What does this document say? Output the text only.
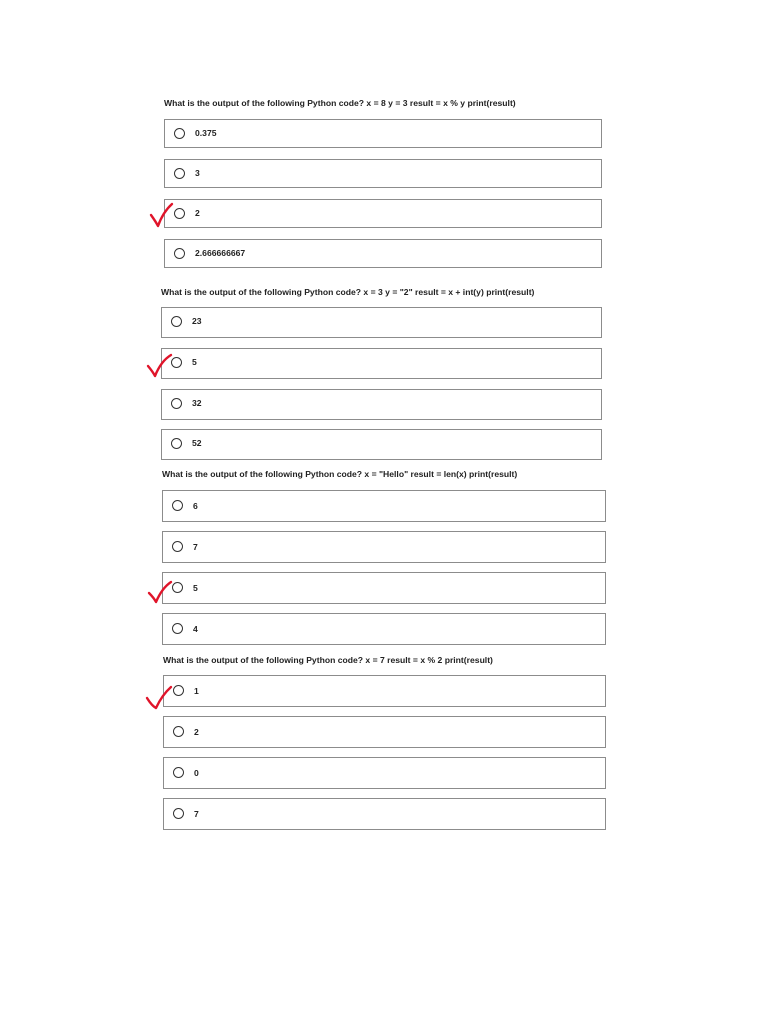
What is the output of the following Python code? x = 8 y = 3 result = x % y print(result)
0.375
3
2
2.666666667
What is the output of the following Python code? x = 3 y = "2" result = x + int(y) print(result)
23
5
32
52
What is the output of the following Python code? x = "Hello" result = len(x) print(result)
6
7
5
4
What is the output of the following Python code? x = 7 result = x % 2 print(result)
1
2
0
7
